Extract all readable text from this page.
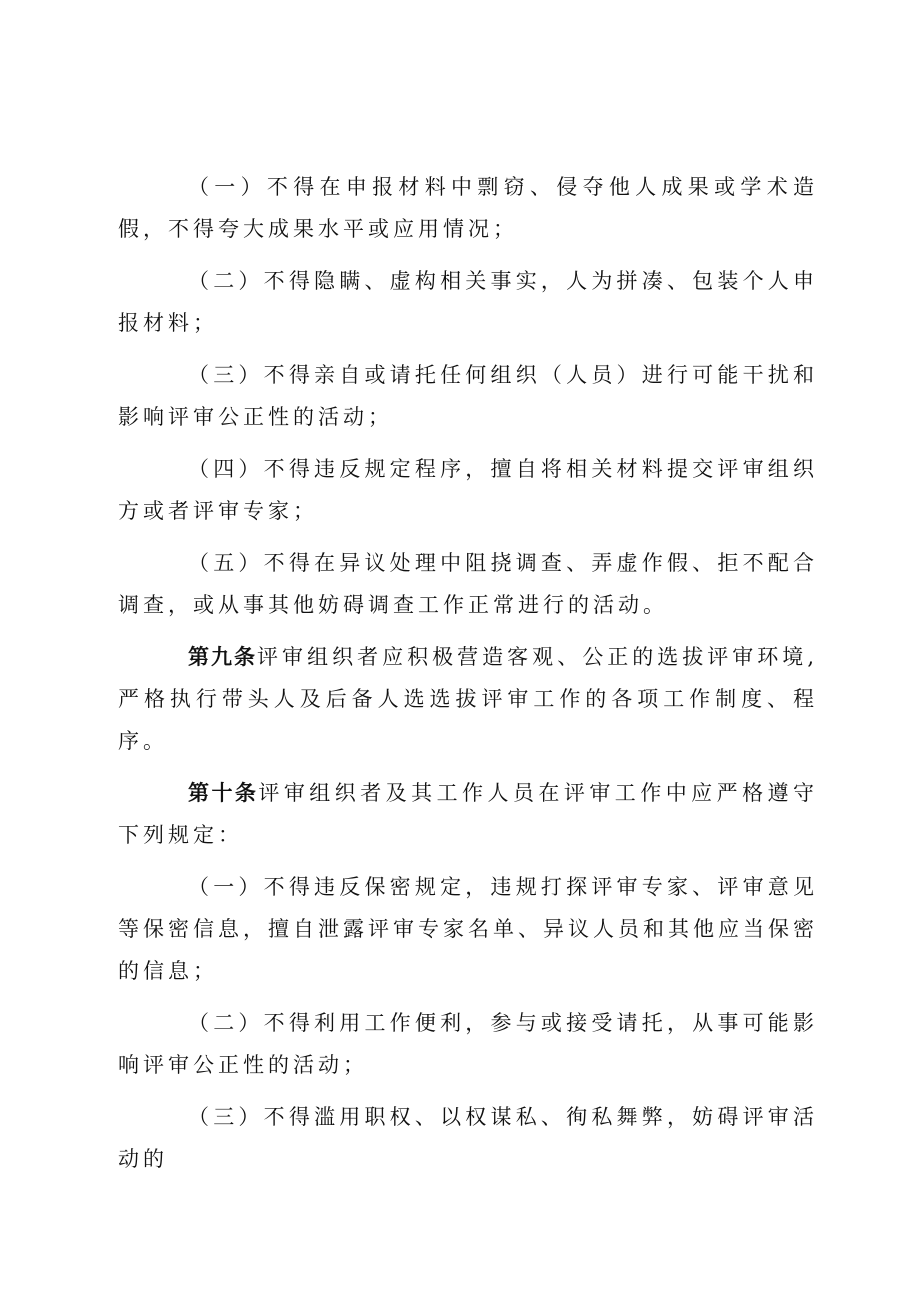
（一）不得在申报材料中剽窃、侵夺他人成果或学术造假，不得夸大成果水平或应用情况；

（二）不得隐瞒、虚构相关事实，人为拼凑、包装个人申报材料；

（三）不得亲自或请托任何组织（人员）进行可能干扰和影响评审公正性的活动；

（四）不得违反规定程序，擅自将相关材料提交评审组织方或者评审专家；

（五）不得在异议处理中阻挠调查、弄虚作假、拒不配合调查，或从事其他妨碍调查工作正常进行的活动。

第九条评审组织者应积极营造客观、公正的选拔评审环境,严格执行带头人及后备人选选拔评审工作的各项工作制度、程序。

第十条评审组织者及其工作人员在评审工作中应严格遵守下列规定：

（一）不得违反保密规定，违规打探评审专家、评审意见等保密信息，擅自泄露评审专家名单、异议人员和其他应当保密的信息；

（二）不得利用工作便利，参与或接受请托，从事可能影响评审公正性的活动；

（三）不得滥用职权、以权谋私、徇私舞弊，妨碍评审活动的
